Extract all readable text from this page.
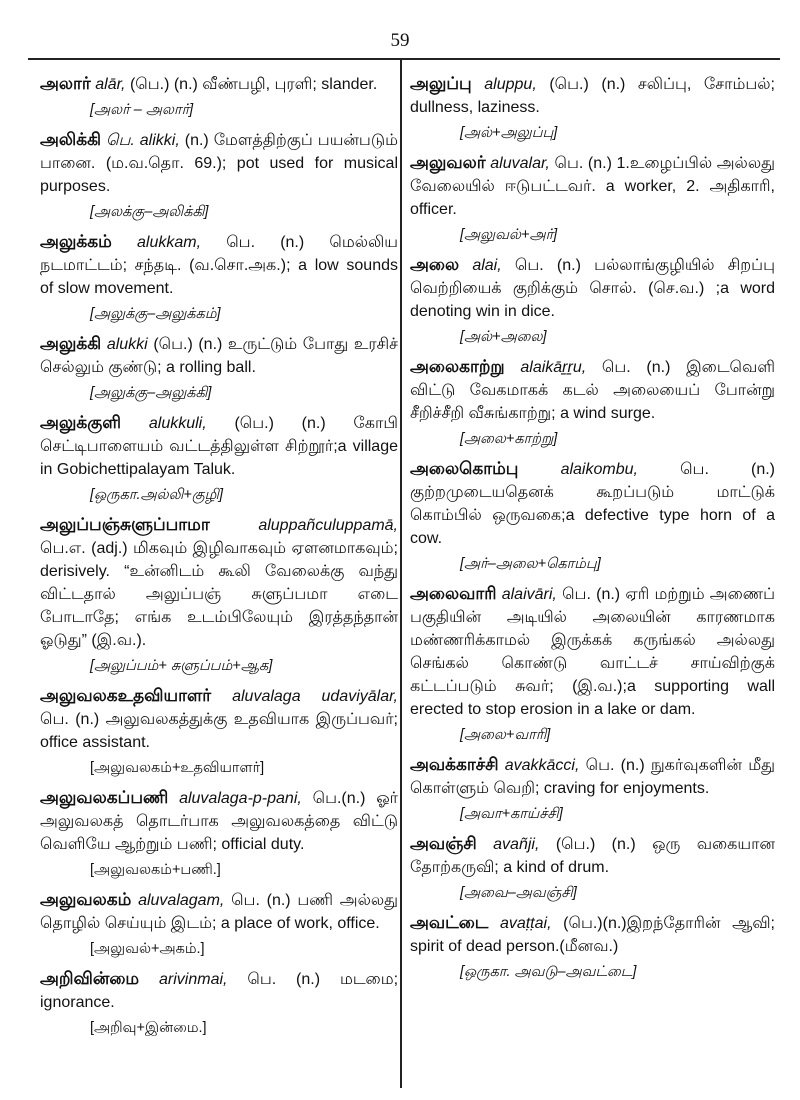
59
அலார் alār, (பெ.) (n.) வீண்பழி, புரளி; slander.
[அலர் – அலார்]
அலிக்கி பெ. alikki, (n.) மேளத்திற்குப் பயன்படும் பானை. (ம.வ.தொ. 69.); pot used for musical purposes.
[அலக்கு–அலிக்கி]
அலுக்கம் alukkam, பெ. (n.) மெல்லிய நடமாட்டம்; சந்தடி. (வ.சொ.அக.); a low sounds of slow movement.
[அலுக்கு–அலுக்கம்]
அலுக்கி alukki (பெ.) (n.) உருட்டும் போது உரசிச் செல்லும் குண்டு; a rolling ball.
[அலுக்கு–அலுக்கி]
அலுக்குளி alukkuli, (பெ.) (n.) கோபி செட்டிபாளையம் வட்டத்திலுள்ள சிற்றூர்;a village in Gobichettipalayam Taluk.
[ஒருகா.அல்லி+குழி]
அலுப்பஞ்சுளுப்பாமா	aluppañculuppamā, பெ.எ. (adj.) மிகவும் இழிவாகவும் ஏளனமாகவும்; derisively. “உன்னிடம் கூலி வேலைக்கு வந்து விட்டதால் அலுப்பஞ் சுளுப்பமா எடை போடாதே; எங்க உடம்பிலேயும் இரத்தந்தான் ஓடுது” (இ.வ.).
[அலுப்பம்+ சுளுப்பம்+ஆக]
அலுவலகஉதவியாளர் aluvalaga udaviyālar, பெ. (n.) அலுவலகத்துக்கு உதவியாக இருப்பவர்; office assistant.
[அலுவலகம்+உதவியாளர்]
அலுவலகப்பணி aluvalaga-p-pani, பெ.(n.) ஓர் அலுவலகத் தொடர்பாக அலுவலகத்தை விட்டு வெளியே ஆற்றும் பணி; official duty.
[அலுவலகம்+பணி.]
அலுவலகம் aluvalagam, பெ. (n.) பணி அல்லது தொழில் செய்யும் இடம்; a place of work, office.
[அலுவல்+அகம்.]
அறிவின்மை arivinmai, பெ. (n.) மடமை; ignorance.
[அறிவு+இன்மை.]
அலுப்பு aluppu, (பெ.) (n.) சலிப்பு, சோம்பல்; dullness, laziness.
[அல்+அலுப்பு]
அலுவலர் aluvalar, பெ. (n.) 1.உழைப்பில் அல்லது வேலையில் ஈடுபட்டவர். a worker, 2. அதிகாரி, officer.
[அலுவல்+அர்]
அலை alai, பெ. (n.) பல்லாங்குழியில் சிறப்பு வெற்றியைக் குறிக்கும் சொல். (செ.வ.) ;a word denoting win in dice.
[அல்+அலை]
அலைகாற்று alaikāṟṟu, பெ. (n.) இடைவெளி விட்டு வேகமாகக் கடல் அலையைப் போன்று சீறிச்சீறி வீசுங்காற்று; a wind surge.
[அலை+காற்று]
அலைகொம்பு	alaikombu,	பெ. (n.) குற்றமுடையதெனக் கூறப்படும் மாட்டுக் கொம்பில் ஒருவகை;a defective type horn of a cow.
[அர்–அலை+கொம்பு]
அலைவாரி alaivāri, பெ. (n.) ஏரி மற்றும் அணைப் பகுதியின் அடியில் அலையின் காரணமாக மண்ணரிக்காமல் இருக்கக் கருங்கல் அல்லது செங்கல் கொண்டு வாட்டச் சாய்விற்குக் கட்டப்படும் சுவர்; (இ.வ.);a supporting wall erected to stop erosion in a lake or dam.
[அலை+வாரி]
அவக்காச்சி avakkācci, பெ. (n.) நுகர்வுகளின் மீது கொள்ளும் வெறி; craving for enjoyments.
[அவா+காய்ச்சி]
அவஞ்சி avañji, (பெ.) (n.) ஒரு வகையான தோற்கருவி; a kind of drum.
[அவை–அவஞ்சி]
அவட்டை avaṭṭai, (பெ.)(n.)இறந்தோரின் ஆவி; spirit of dead person.(மீனவ.)
[ஒருகா. அவடு–அவட்டை]
